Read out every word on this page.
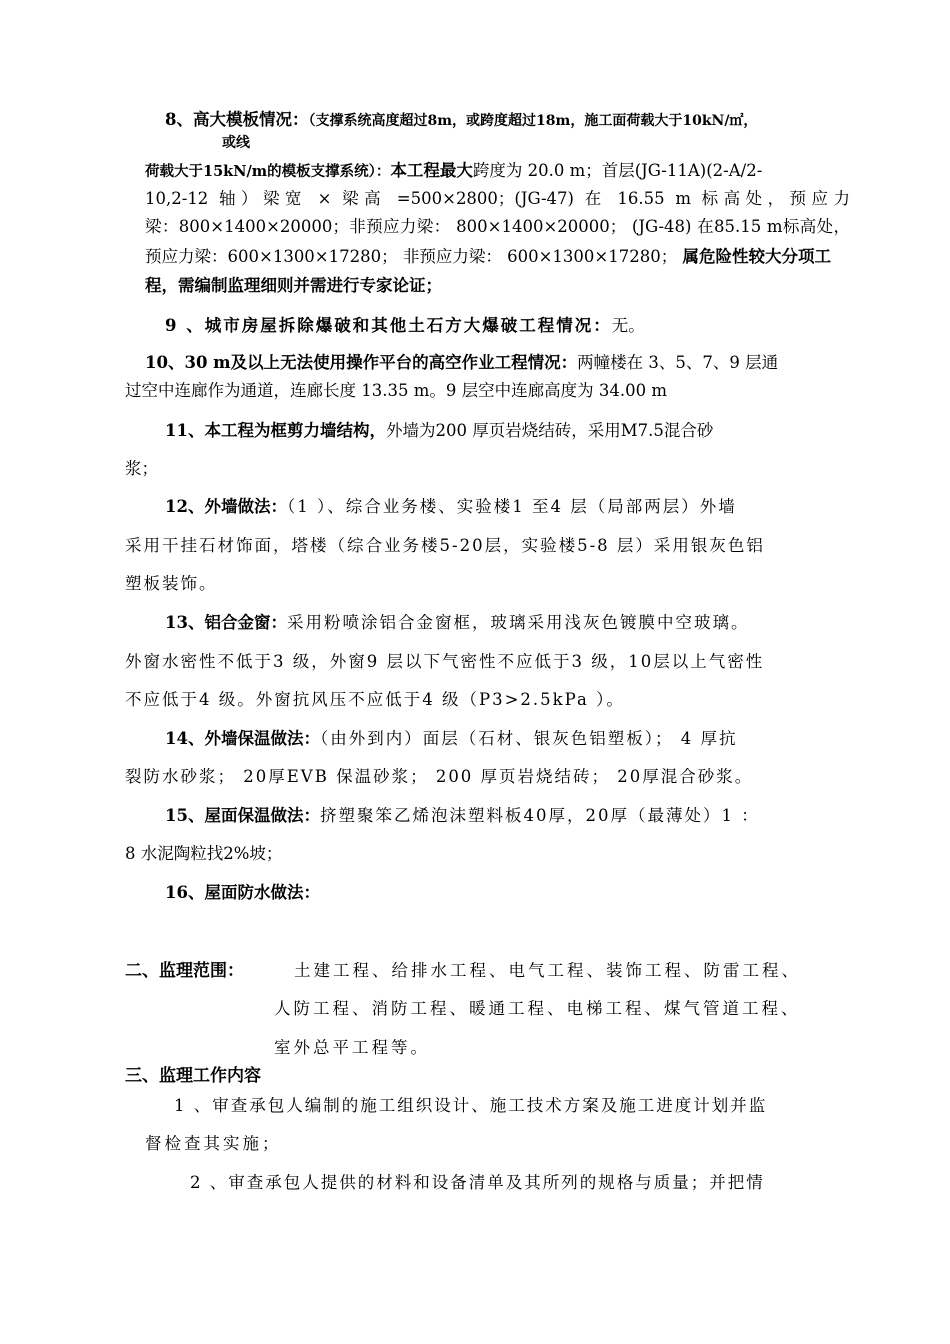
8、高大模板情况：（支撑系统高度超过8m，或跨度超过18m，施工面荷载大于10kN/㎡，
或线
荷载大于15kN/m的模板支撑系统）：本工程最大跨度为 20.0 m；首层(JG-11A)(2-A/2-
10,2-12 轴）梁宽 × 梁高 =500×2800；(JG-47) 在 16.55 m 标高处，预应力
梁：800×1400×20000；非预应力梁： 800×1400×20000； (JG-48) 在85.15 m标高处，
预应力梁：600×1300×17280； 非预应力梁： 600×1300×17280； 属危险性较大分项工
程，需编制监理细则并需进行专家论证；
9 、城市房屋拆除爆破和其他土石方大爆破工程情况：无。
10、30 m及以上无法使用操作平台的高空作业工程情况：两幢楼在 3、5、7、9 层通
过空中连廊作为通道，连廊长度 13.35 m。9 层空中连廊高度为 34.00 m
11、本工程为框剪力墙结构，外墙为200 厚页岩烧结砖，采用M7.5混合砂
浆；
12、外墙做法：（1 ）、综合业务楼、实验楼1 至4 层（局部两层）外墙
采用干挂石材饰面，塔楼（综合业务楼5-20层，实验楼5-8 层）采用银灰色铝
塑板装饰。
13、铝合金窗：采用粉喷涂铝合金窗框，玻璃采用浅灰色镀膜中空玻璃。
外窗水密性不低于3 级，外窗9 层以下气密性不应低于3 级，10层以上气密性
不应低于4 级。外窗抗风压不应低于4 级（P3>2.5kPa ）。
14、外墙保温做法：（由外到内）面层（石材、银灰色铝塑板）； 4 厚抗
裂防水砂浆； 20厚EVB 保温砂浆； 200 厚页岩烧结砖； 20厚混合砂浆。
15、屋面保温做法：挤塑聚笨乙烯泡沫塑料板40厚，20厚（最薄处）1 ：
8 水泥陶粒找2%坡；
16、屋面防水做法：
二、监理范围：	土建工程、给排水工程、电气工程、装饰工程、防雷工程、
人防工程、消防工程、暖通工程、电梯工程、煤气管道工程、
室外总平工程等。
三、监理工作内容
1 、审查承包人编制的施工组织设计、施工技术方案及施工进度计划并监
督检查其实施；
2 、审查承包人提供的材料和设备清单及其所列的规格与质量；并把情
